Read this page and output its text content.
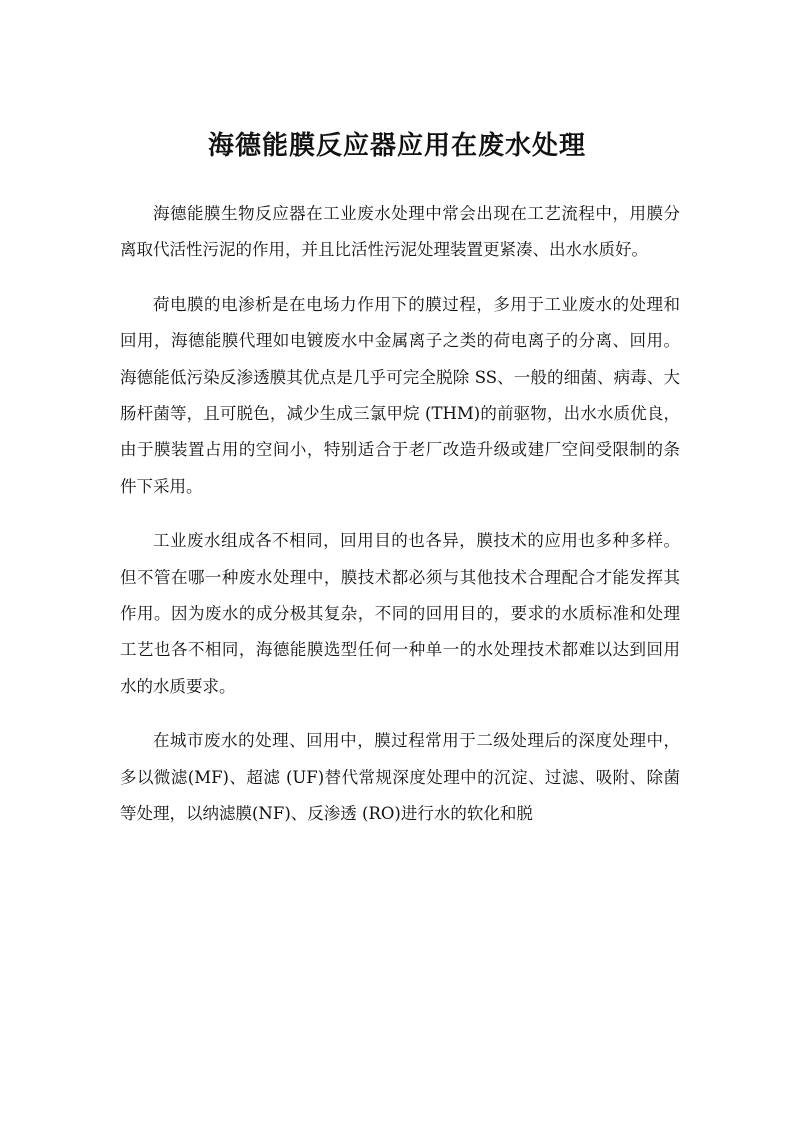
海德能膜反应器应用在废水处理

海德能膜生物反应器在工业废水处理中常会出现在工艺流程中，用膜分离取代活性污泥的作用，并且比活性污泥处理装置更紧凑、出水水质好。

荷电膜的电渗析是在电场力作用下的膜过程，多用于工业废水的处理和回用，海德能膜代理如电镀废水中金属离子之类的荷电离子的分离、回用。海德能低污染反渗透膜其优点是几乎可完全脱除 SS、一般的细菌、病毒、大肠杆菌等，且可脱色，减少生成三氯甲烷 (THM)的前驱物，出水水质优良，由于膜装置占用的空间小，特别适合于老厂改造升级或建厂空间受限制的条件下采用。

工业废水组成各不相同，回用目的也各异，膜技术的应用也多种多样。但不管在哪一种废水处理中，膜技术都必须与其他技术合理配合才能发挥其作用。因为废水的成分极其复杂，不同的回用目的，要求的水质标准和处理工艺也各不相同，海德能膜选型任何一种单一的水处理技术都难以达到回用水的水质要求。

在城市废水的处理、回用中，膜过程常用于二级处理后的深度处理中， 多以微滤(MF)、超滤 (UF)替代常规深度处理中的沉淀、过滤、吸附、除菌等处理，以纳滤膜(NF)、反渗透 (RO)进行水的软化和脱
